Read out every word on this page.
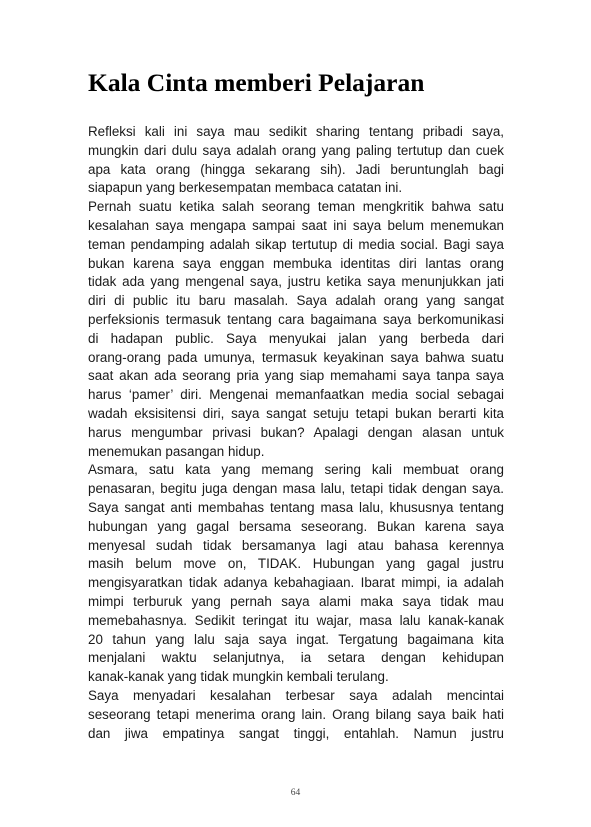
Kala Cinta memberi Pelajaran
Refleksi kali ini saya mau sedikit sharing tentang pribadi saya,
mungkin dari dulu saya adalah orang yang paling tertutup dan cuek
apa kata orang (hingga sekarang sih). Jadi beruntunglah bagi
siapapun yang berkesempatan membaca catatan ini.
Pernah suatu ketika salah seorang teman mengkritik bahwa satu
kesalahan saya mengapa sampai saat ini saya belum menemukan
teman pendamping adalah sikap tertutup di media social. Bagi saya
bukan karena saya enggan membuka identitas diri lantas orang
tidak ada yang mengenal saya, justru ketika saya menunjukkan jati
diri di public itu baru masalah. Saya adalah orang yang sangat
perfeksionis termasuk tentang cara bagaimana saya berkomunikasi
di hadapan public. Saya menyukai jalan yang berbeda dari
orang-orang pada umunya, termasuk keyakinan saya bahwa suatu
saat akan ada seorang pria yang siap memahami saya tanpa saya
harus ‘pamer’ diri. Mengenai memanfaatkan media social sebagai
wadah eksisitensi diri, saya sangat setuju tetapi bukan berarti kita
harus mengumbar privasi bukan? Apalagi dengan alasan untuk
menemukan pasangan hidup.
Asmara, satu kata yang memang sering kali membuat orang
penasaran, begitu juga dengan masa lalu, tetapi tidak dengan saya.
Saya sangat anti membahas tentang masa lalu, khususnya tentang
hubungan yang gagal bersama seseorang. Bukan karena saya
menyesal sudah tidak bersamanya lagi atau bahasa kerennya
masih belum move on, TIDAK. Hubungan yang gagal justru
mengisyaratkan tidak adanya kebahagiaan. Ibarat mimpi, ia adalah
mimpi terburuk yang pernah saya alami maka saya tidak mau
memebahasnya. Sedikit teringat itu wajar, masa lalu kanak-kanak
20 tahun yang lalu saja saya ingat. Tergatung bagaimana kita
menjalani waktu selanjutnya, ia setara dengan kehidupan
kanak-kanak yang tidak mungkin kembali terulang.
Saya menyadari kesalahan terbesar saya adalah mencintai
seseorang tetapi menerima orang lain. Orang bilang saya baik hati
dan jiwa empatinya sangat tinggi, entahlah. Namun justru
64
